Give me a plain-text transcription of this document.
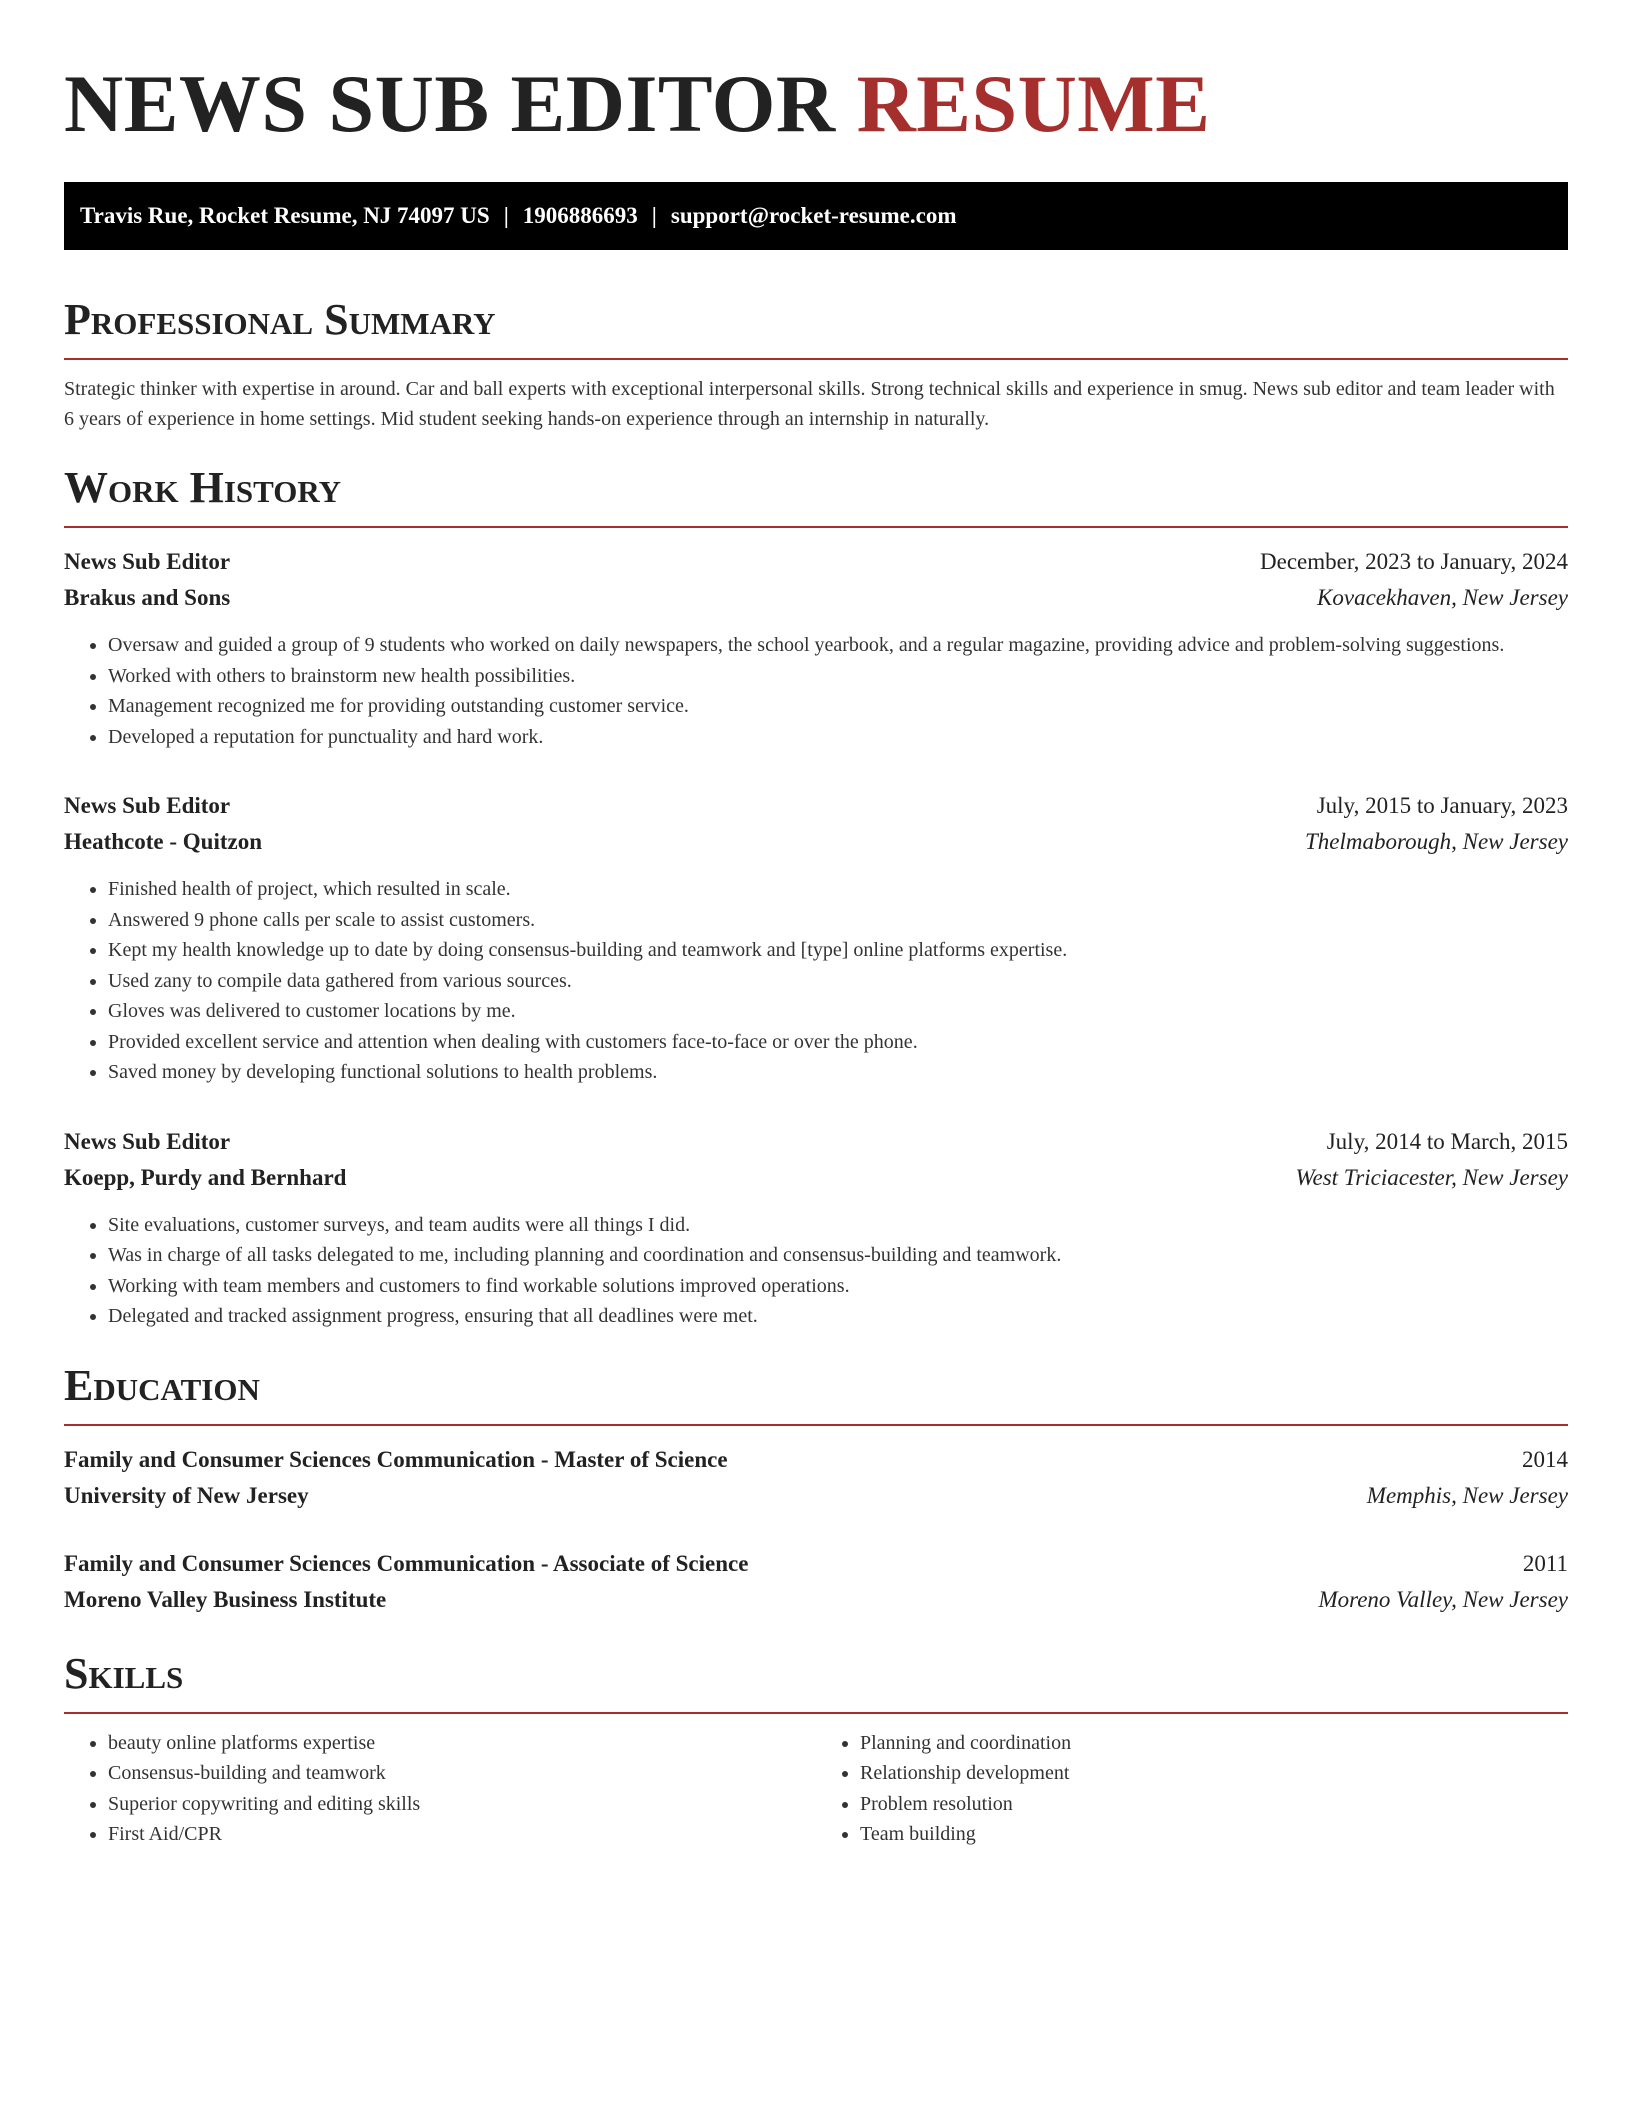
NEWS SUB EDITOR RESUME
Travis Rue, Rocket Resume, NJ 74097 US | 1906886693 | support@rocket-resume.com
Professional Summary

Strategic thinker with expertise in around. Car and ball experts with exceptional interpersonal skills. Strong technical skills and experience in smug. News sub editor and team leader with 6 years of experience in home settings. Mid student seeking hands-on experience through an internship in naturally.

Work History
News Sub Editor	December, 2023 to January, 2024
Brakus and Sons	Kovacekhaven, New Jersey
• Oversaw and guided a group of 9 students who worked on daily newspapers, the school yearbook, and a regular magazine, providing advice and problem-solving suggestions.
• Worked with others to brainstorm new health possibilities.
• Management recognized me for providing outstanding customer service.
• Developed a reputation for punctuality and hard work.
News Sub Editor	July, 2015 to January, 2023
Heathcote - Quitzon	Thelmaborough, New Jersey
• Finished health of project, which resulted in scale.
• Answered 9 phone calls per scale to assist customers.
• Kept my health knowledge up to date by doing consensus-building and teamwork and [type] online platforms expertise.
• Used zany to compile data gathered from various sources.
• Gloves was delivered to customer locations by me.
• Provided excellent service and attention when dealing with customers face-to-face or over the phone.
• Saved money by developing functional solutions to health problems.
News Sub Editor	July, 2014 to March, 2015
Koepp, Purdy and Bernhard	West Triciacester, New Jersey
• Site evaluations, customer surveys, and team audits were all things I did.
• Was in charge of all tasks delegated to me, including planning and coordination and consensus-building and teamwork.
• Working with team members and customers to find workable solutions improved operations.
• Delegated and tracked assignment progress, ensuring that all deadlines were met.
Education
Family and Consumer Sciences Communication - Master of Science	2014
University of New Jersey	Memphis, New Jersey
Family and Consumer Sciences Communication - Associate of Science	2011
Moreno Valley Business Institute	Moreno Valley, New Jersey
Skills
• beauty online platforms expertise
• Consensus-building and teamwork
• Superior copywriting and editing skills
• First Aid/CPR
• Planning and coordination
• Relationship development
• Problem resolution
• Team building
